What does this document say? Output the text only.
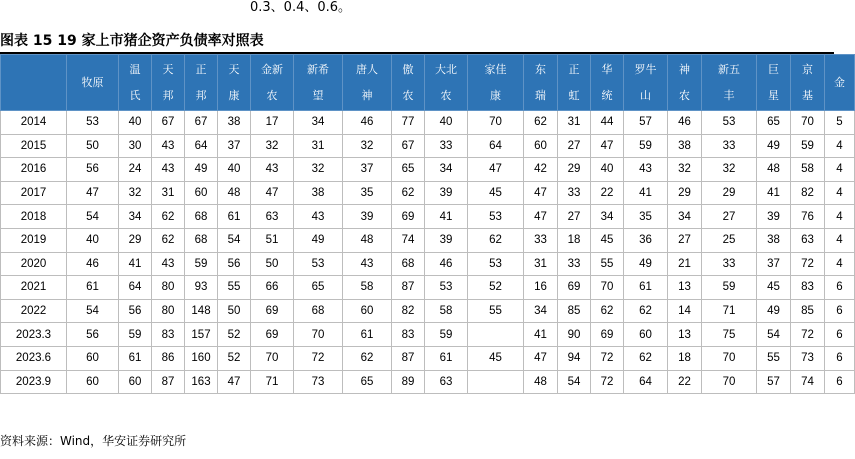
0.3、0.4、0.6。
图表 15 19 家上市猪企资产负债率对照表
	牧原	温氏	天邦	正邦	天康	金新农	新希望	唐人神	傲农	大北农	家佳康	东瑞	正虹	华统	罗牛山	神农	新五丰	巨星	京基	金
2014	53	40	67	67	38	17	34	46	77	40	70	62	31	44	57	46	53	65	70	5
2015	50	30	43	64	37	32	31	32	67	33	64	60	27	47	59	38	33	49	59	4
2016	56	24	43	49	40	43	32	37	65	34	47	42	29	40	43	32	32	48	58	4
2017	47	32	31	60	48	47	38	35	62	39	45	47	33	22	41	29	29	41	82	4
2018	54	34	62	68	61	63	43	39	69	41	53	47	27	34	35	34	27	39	76	4
2019	40	29	62	68	54	51	49	48	74	39	62	33	18	45	36	27	25	38	63	4
2020	46	41	43	59	56	50	53	43	68	46	53	31	33	55	49	21	33	37	72	4
2021	61	64	80	93	55	66	65	58	87	53	52	16	69	70	61	13	59	45	83	6
2022	54	56	80	148	50	69	68	60	82	58	55	34	85	62	62	14	71	49	85	6
2023.3	56	59	83	157	52	69	70	61	83	59		41	90	69	60	13	75	54	72	6
2023.6	60	61	86	160	52	70	72	62	87	61	45	47	94	72	62	18	70	55	73	6
2023.9	60	60	87	163	47	71	73	65	89	63		48	54	72	64	22	70	57	74	6
资料来源：Wind，华安证券研究所
